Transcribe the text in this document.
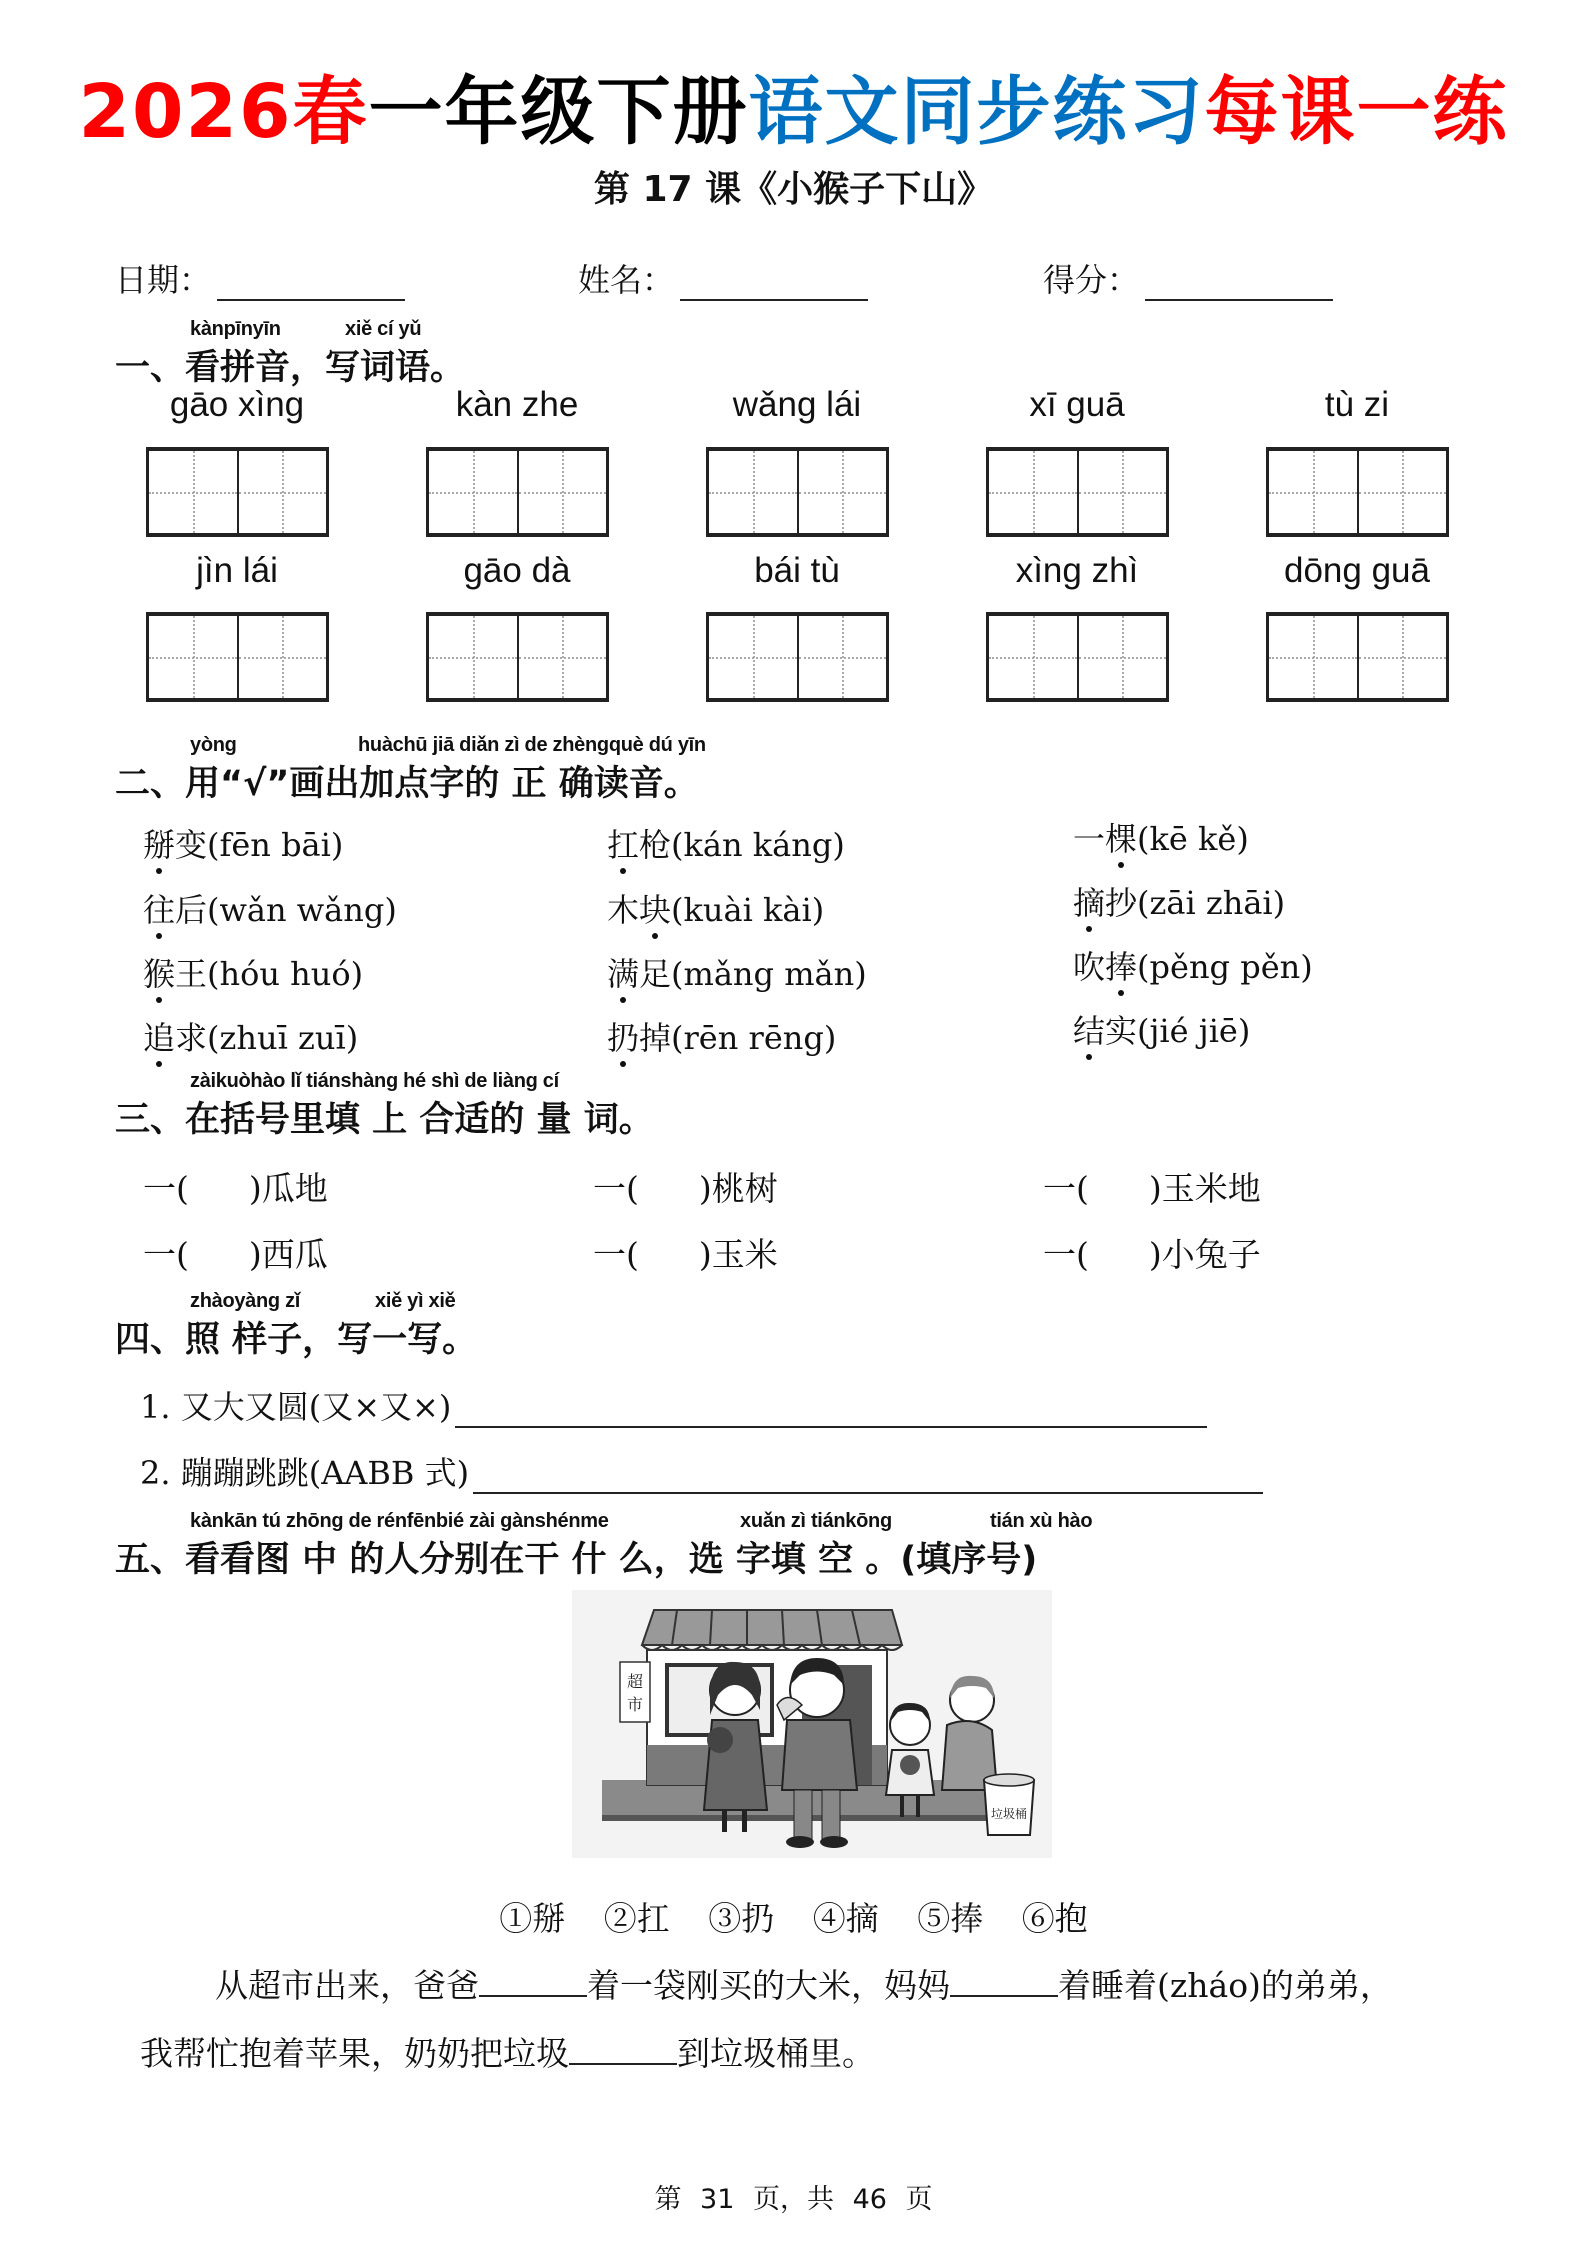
2026春一年级下册语文同步练习每课一练
第 17 课《小猴子下山》
日期：	姓名：	得分：
kànpīnyīn	xiě cí yǔ
一、看拼音，写词语。
gāo xìng	kàn zhe	wǎng lái	xī guā	tù zi
jìn lái	gāo dà	bái tù	xìng zhì	dōng guā
yòng	huàchū jiā diǎn zì de zhèngquè dú yīn
二、用“√”画出加点字的 正 确读音。
掰变(fēn bāi)	扛枪(kán káng)	一棵(kē kě)
往后(wǎn wǎng)	木块(kuài kài)	摘抄(zāi zhāi)
猴王(hóu huó)	满足(mǎng mǎn)	吹捧(pěng pěn)
追求(zhuī zuī)	扔掉(rēn rēng)	结实(jié jiē)
zàikuòhào lǐ tiánshàng hé shì de liàng cí
三、在括号里填 上 合适的 量 词。
一( )瓜地	一( )桃树	一( )玉米地
一( )西瓜	一( )玉米	一( )小兔子
zhàoyàng zǐ	xiě yì xiě
四、照 样子，写一写。
1. 又大又圆(又×又×)
2. 蹦蹦跳跳(AABB 式)
kànkān tú zhōng de rénfēnbié zài gànshénme	xuǎn zì tiánkōng	tián xù hào
五、看看图 中 的人分别在干 什 么，选 字填 空 。(填序号)
超
市
垃圾桶
①掰 ②扛 ③扔 ④摘 ⑤捧 ⑥抱
从超市出来，爸爸	着一袋刚买的大米，妈妈	着睡着(zháo)的弟弟，
我帮忙抱着苹果，奶奶把垃圾	到垃圾桶里。
第 31 页，共 46 页
